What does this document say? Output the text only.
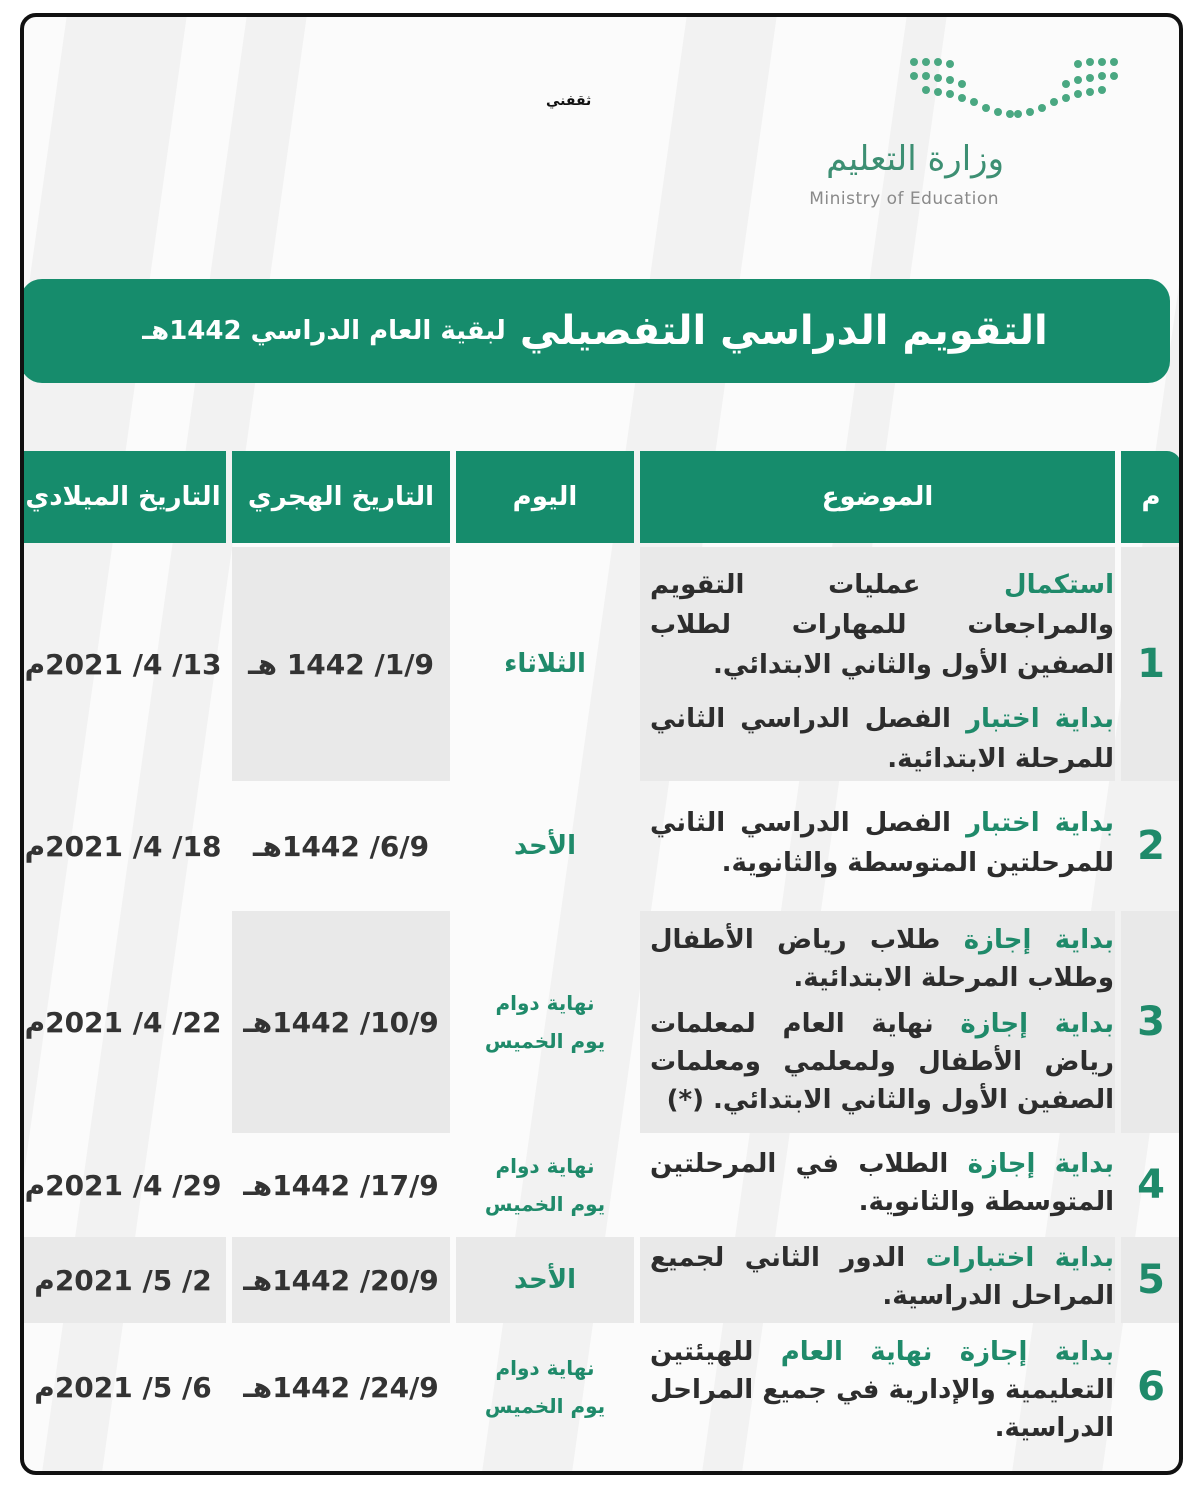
ثقفني
وزارة التعليم
Ministry of Education
التقويم الدراسي التفصيلي
لبقية العام الدراسي 1442هـ
م
الموضوع
اليوم
التاريخ الهجري
التاريخ الميلادي
1

استكمال عمليات التقويم والمراجعات للمهارات لطلاب الصفين الأول والثاني الابتدائي.

بداية اختبار الفصل الدراسي الثاني للمرحلة الابتدائية.

الثلاثاء
1/9/ 1442 هـ
13/ 4/ 2021م
2

بداية اختبار الفصل الدراسي الثاني للمرحلتين المتوسطة والثانوية.

الأحد
6/9/ 1442هـ
18/ 4/ 2021م
3

بداية إجازة طلاب رياض الأطفال وطلاب المرحلة الابتدائية.

بداية إجازة نهاية العام لمعلمات رياض الأطفال ولمعلمي ومعلمات الصفين الأول والثاني الابتدائي. (*)

نهاية دوام
يوم الخميس
10/9/ 1442هـ
22/ 4/ 2021م
4

بداية إجازة الطلاب في المرحلتين المتوسطة والثانوية.

نهاية دوام
يوم الخميس
17/9/ 1442هـ
29/ 4/ 2021م
5

بداية اختبارات الدور الثاني لجميع المراحل الدراسية.

الأحد
20/9/ 1442هـ
2/ 5/ 2021م
6

بداية إجازة نهاية العام للهيئتين التعليمية والإدارية في جميع المراحل الدراسية.

نهاية دوام
يوم الخميس
24/9/ 1442هـ
6/ 5/ 2021م
